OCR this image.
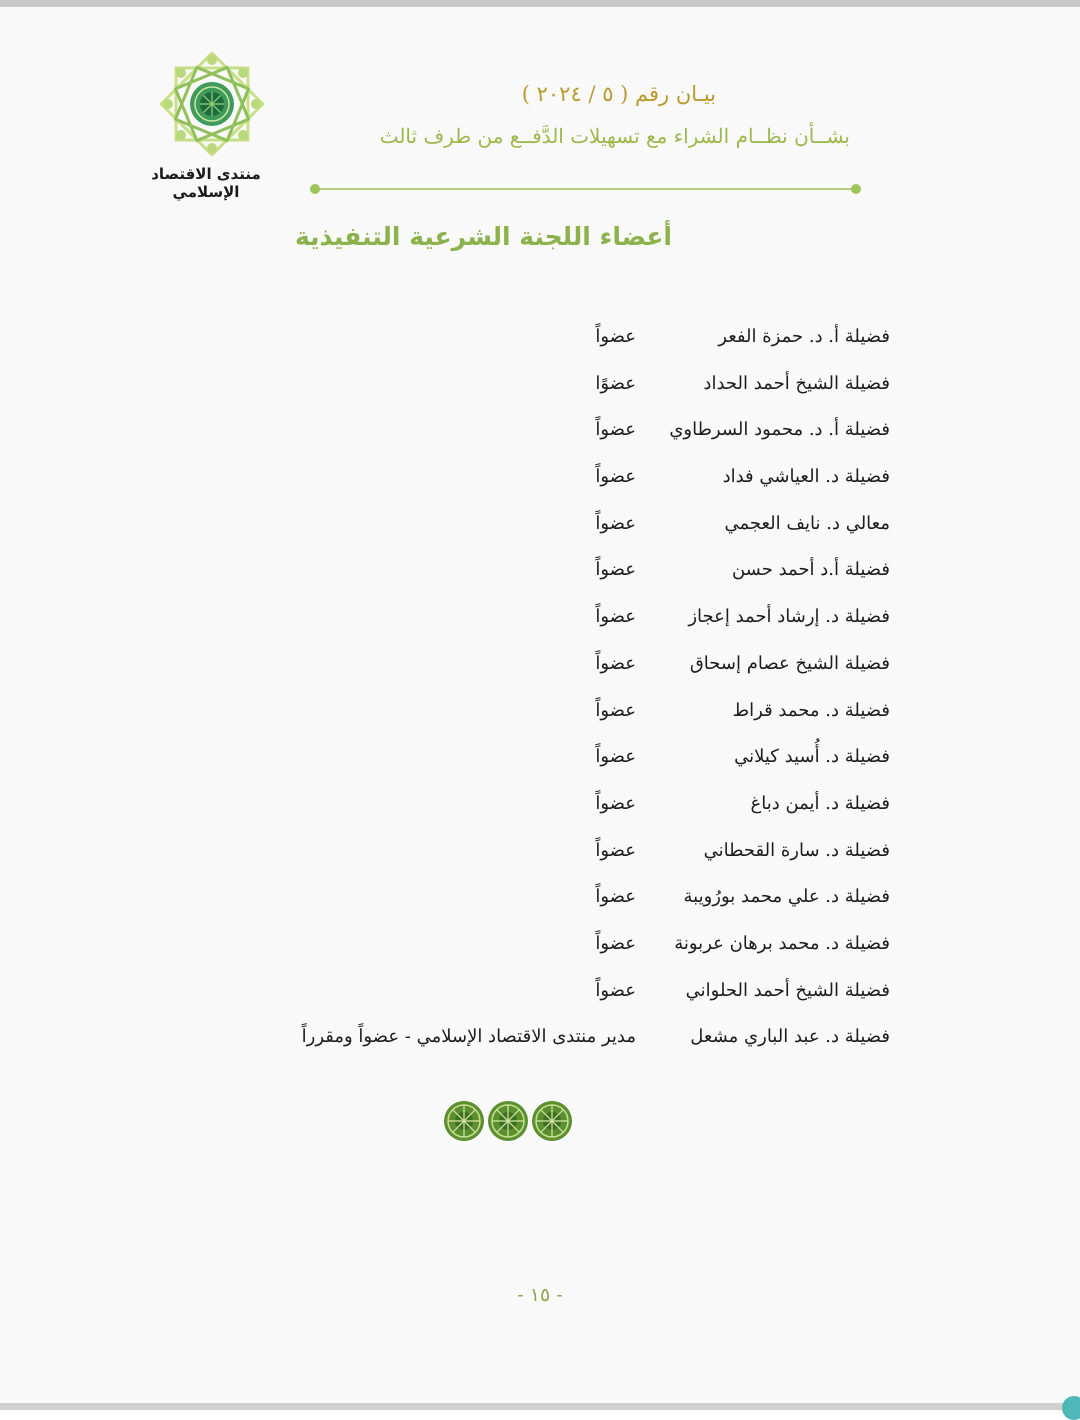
منتدى الاقتصاد الإسلامي
بيـان رقم ( ٥ / ٢٠٢٤ )
بشــأن نظــام الشراء مع تسهيلات الدَّفــع من طرف ثالث
أعضاء اللجنة الشرعية التنفيذية
فضيلة أ. د. حمزة الفعر
عضواً
فضيلة الشيخ أحمد الحداد
عضوًا
فضيلة أ. د. محمود السرطاوي
عضواً
فضيلة د. العياشي فداد
عضواً
معالي د. نايف العجمي
عضواً
فضيلة أ.د أحمد حسن
عضواً
فضيلة د. إرشاد أحمد إعجاز
عضواً
فضيلة الشيخ عصام إسحاق
عضواً
فضيلة د. محمد قراط
عضواً
فضيلة د. أُسيد كيلاني
عضواً
فضيلة د. أيمن دباغ
عضواً
فضيلة د. سارة القحطاني
عضواً
فضيلة د. علي محمد بورُويبة
عضواً
فضيلة د. محمد برهان عربونة
عضواً
فضيلة الشيخ أحمد الحلواني
عضواً
فضيلة د. عبد الباري مشعل
مدير منتدى الاقتصاد الإسلامي - عضواً ومقرراً
- ١٥ -
